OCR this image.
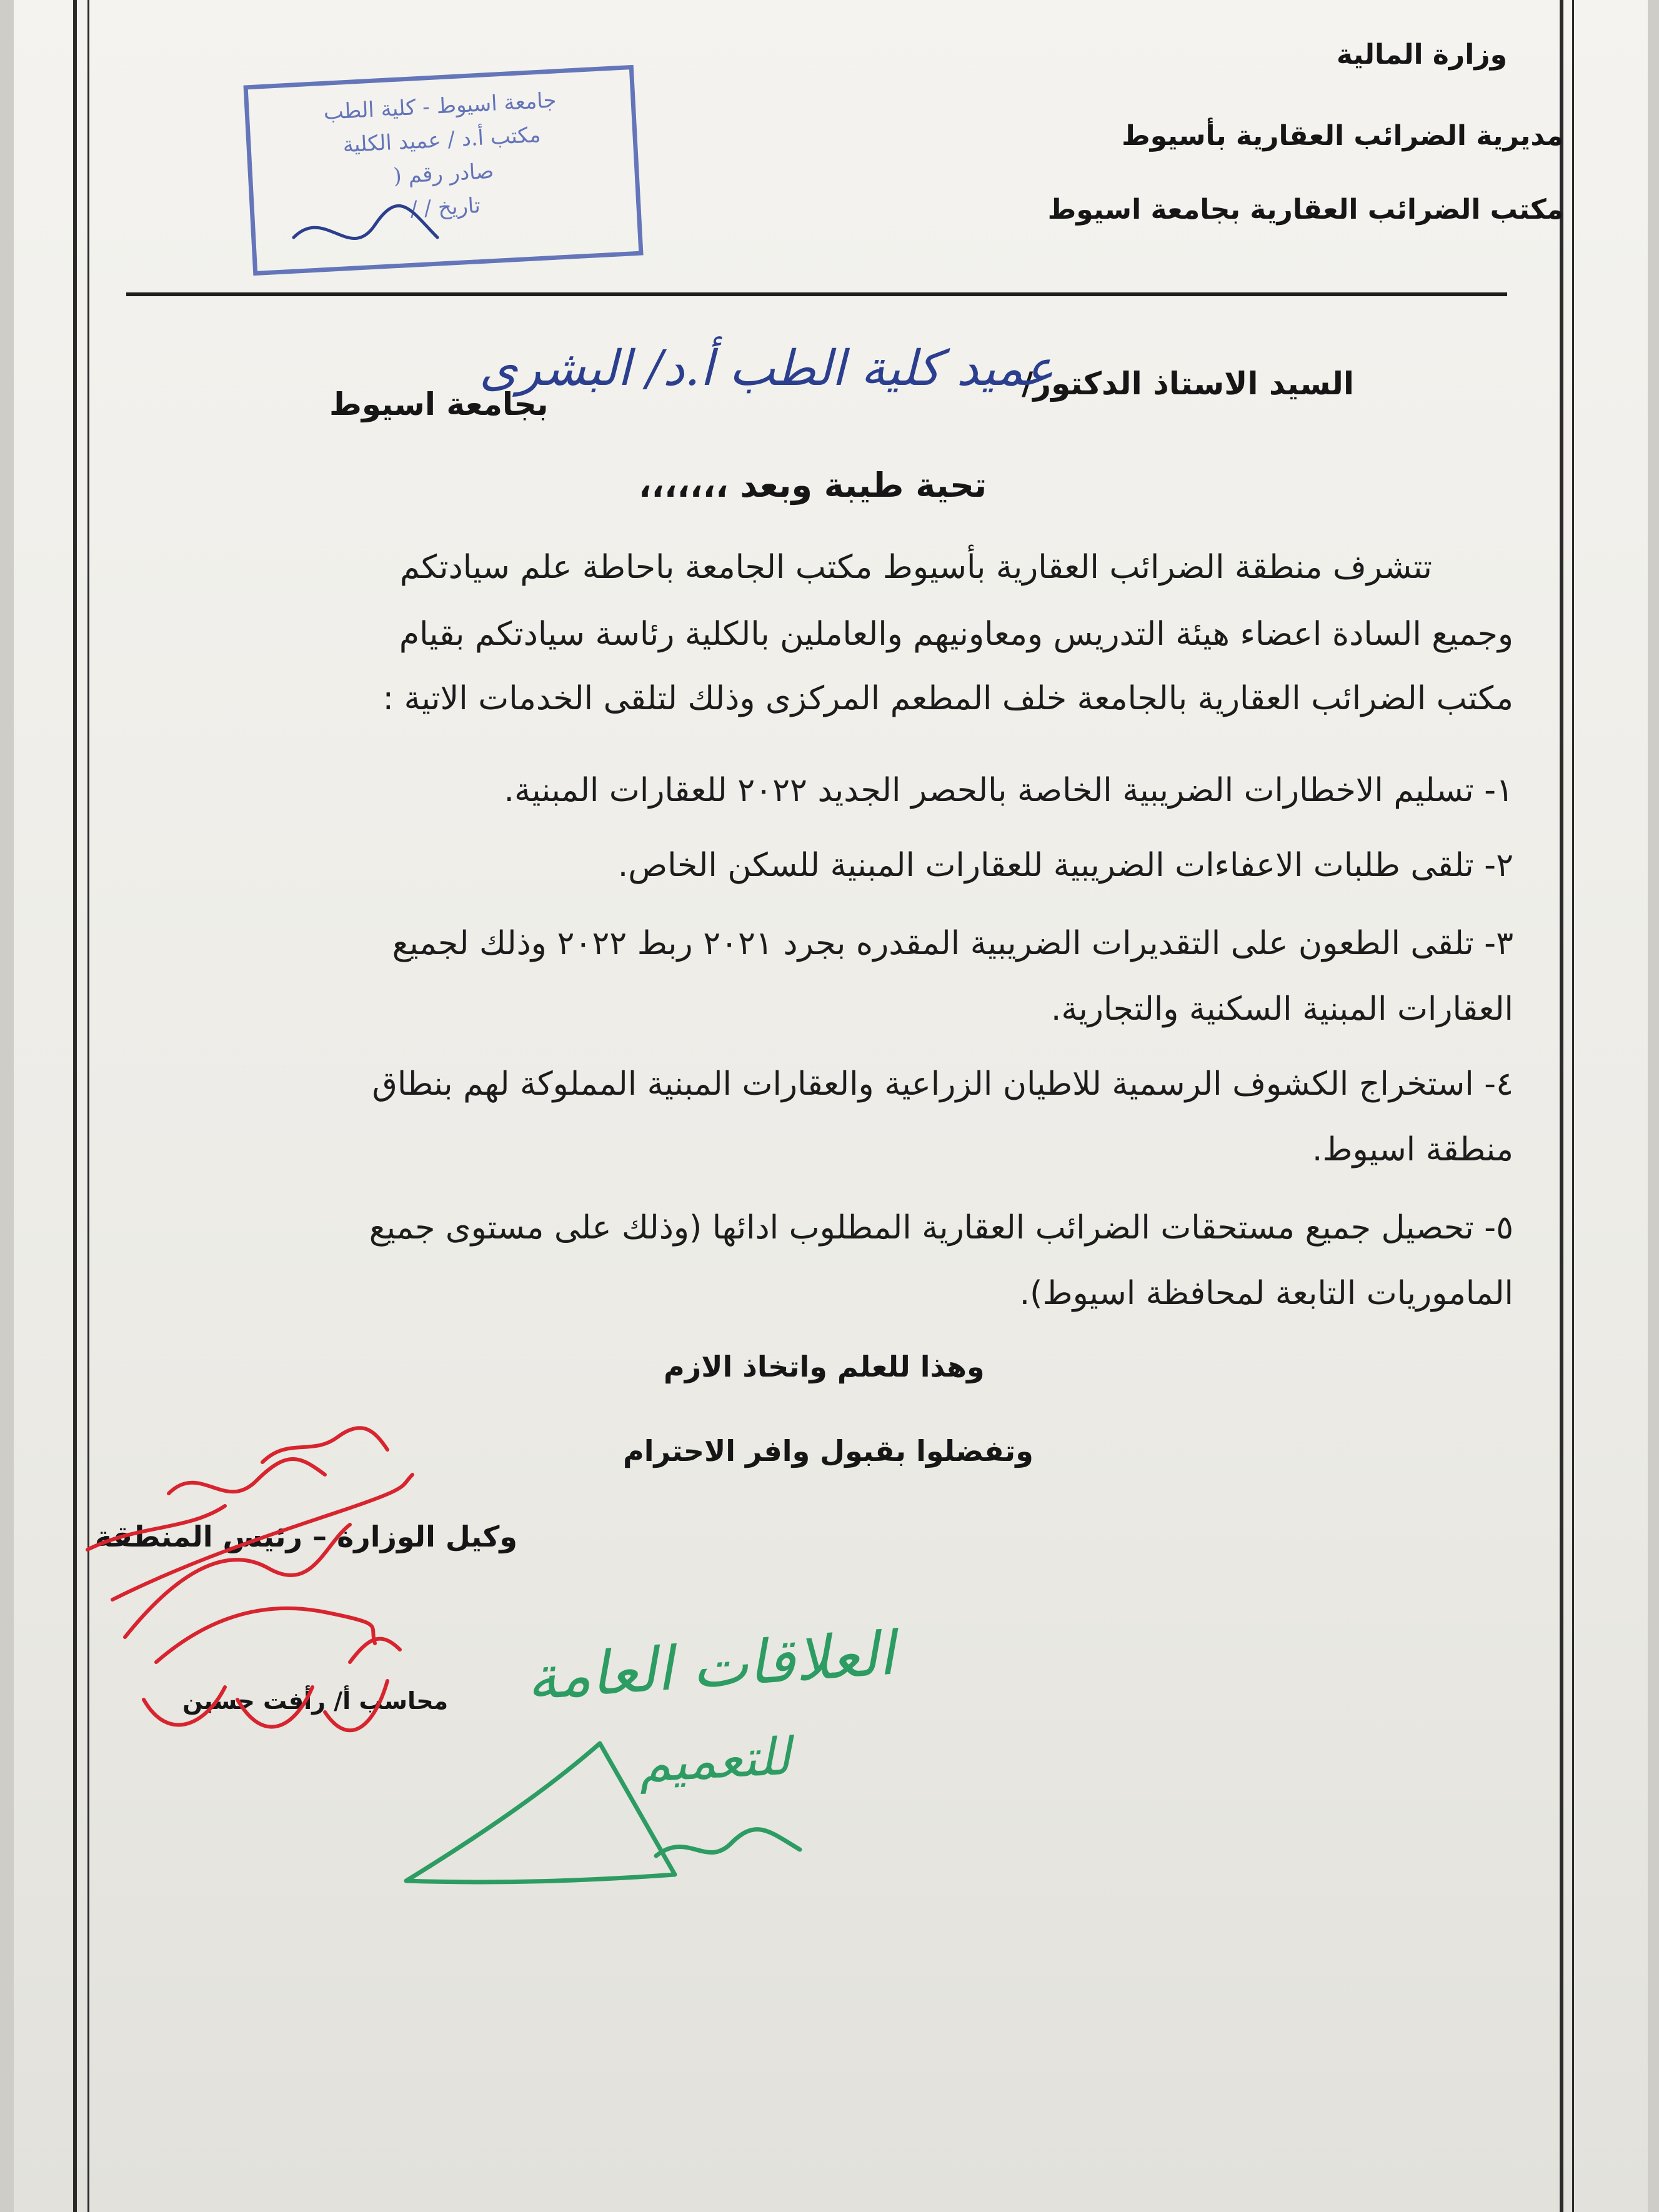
وزارة المالية
مديرية الضرائب العقارية بأسيوط
مكتب الضرائب العقارية بجامعة اسيوط
جامعة اسيوط - كلية الطب
مكتب أ.د / عميد الكلية
صادر رقم (
تاريخ / /
السيد الاستاذ الدكتور/
عميد كلية الطب أ.د/ البشرى
بجامعة اسيوط
تحية طيبة وبعد ،،،،،،،
تتشرف منطقة الضرائب العقارية بأسيوط مكتب الجامعة باحاطة علم سيادتكم
وجميع السادة اعضاء هيئة التدريس ومعاونيهم والعاملين بالكلية رئاسة سيادتكم بقيام
مكتب الضرائب العقارية بالجامعة خلف المطعم المركزى وذلك لتلقى الخدمات الاتية :
١- تسليم الاخطارات الضريبية الخاصة بالحصر الجديد ٢٠٢٢ للعقارات المبنية.
٢- تلقى طلبات الاعفاءات الضريبية للعقارات المبنية للسكن الخاص.
٣- تلقى الطعون على التقديرات الضريبية المقدره بجرد ٢٠٢١ ربط ٢٠٢٢ وذلك لجميع
العقارات المبنية السكنية والتجارية.
٤- استخراج الكشوف الرسمية للاطيان الزراعية والعقارات المبنية المملوكة لهم بنطاق
منطقة اسيوط.
٥- تحصيل جميع مستحقات الضرائب العقارية المطلوب ادائها (وذلك على مستوى جميع
الماموريات التابعة لمحافظة اسيوط).
وهذا للعلم واتخاذ الازم
وتفضلوا بقبول وافر الاحترام
وكيل الوزارة – رئيس المنطقة
محاسب أ/ رأفت حسين العلاقات العامة
للتعميم
